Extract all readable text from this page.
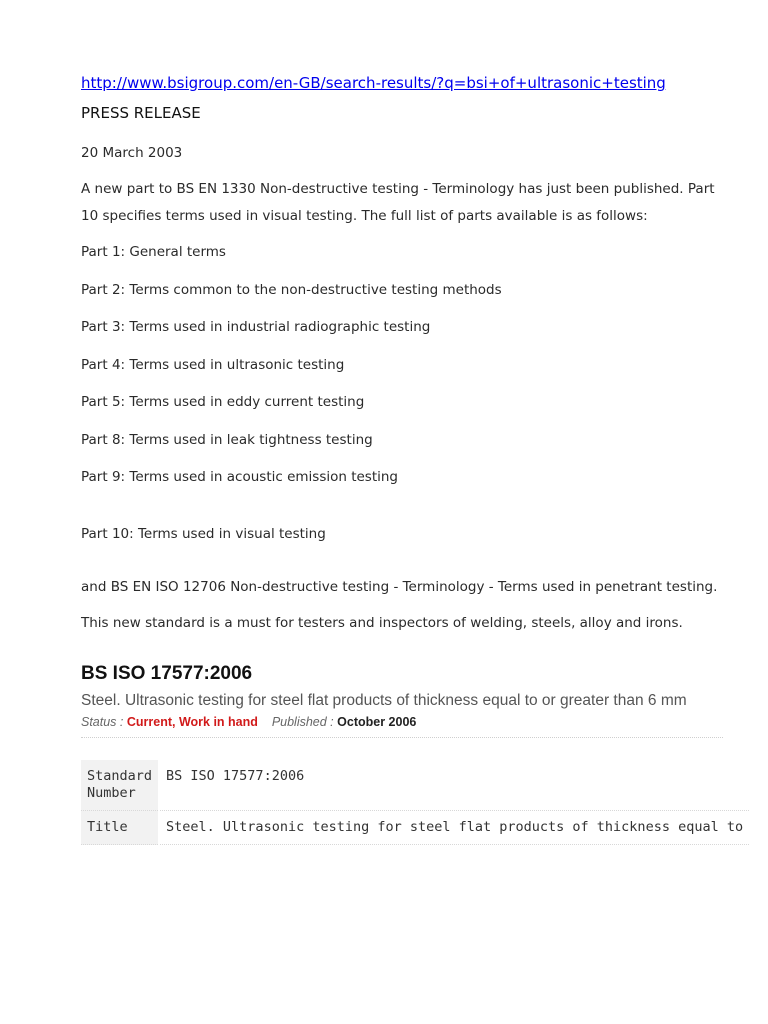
http://www.bsigroup.com/en-GB/search-results/?q=bsi+of+ultrasonic+testing
PRESS RELEASE

20 March 2003

A new part to BS EN 1330 Non-destructive testing - Terminology has just been published. Part 10 specifies terms used in visual testing. The full list of parts available is as follows:

Part 1: General terms

Part 2: Terms common to the non-destructive testing methods

Part 3: Terms used in industrial radiographic testing

Part 4: Terms used in ultrasonic testing

Part 5: Terms used in eddy current testing

Part 8: Terms used in leak tightness testing

Part 9: Terms used in acoustic emission testing

Part 10: Terms used in visual testing

and BS EN ISO 12706 Non-destructive testing - Terminology - Terms used in penetrant testing.

This new standard is a must for testers and inspectors of welding, steels, alloy and irons.

BS ISO 17577:2006
Steel. Ultrasonic testing for steel flat products of thickness equal to or greater than 6 mm
Status : Current, Work in hand Published : October 2006
Standard Number	BS ISO 17577:2006
Title	Steel. Ultrasonic testing for steel flat products of thickness equal to
